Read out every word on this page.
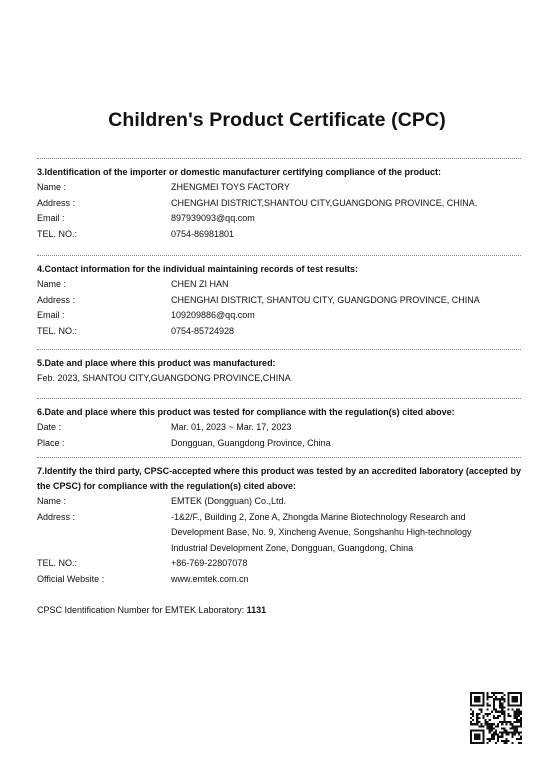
Children's Product Certificate (CPC)
3.Identification of the importer or domestic manufacturer certifying compliance of the product:
Name :	ZHENGMEI TOYS FACTORY
Address :	CHENGHAI DISTRICT,SHANTOU CITY,GUANGDONG PROVINCE, CHINA.
Email :	897939093@qq.com
TEL. NO.:	0754-86981801
4.Contact information for the individual maintaining records of test results:
Name :	CHEN ZI HAN
Address :	CHENGHAI DISTRICT, SHANTOU CITY, GUANGDONG PROVINCE, CHINA
Email :	109209886@qq.com
TEL. NO.:	0754-85724928
5.Date and place where this product was manufactured:
Feb. 2023, SHANTOU CITY,GUANGDONG PROVINCE,CHINA
6.Date and place where this product was tested for compliance with the regulation(s) cited above:
Date :	Mar. 01, 2023 ~ Mar. 17, 2023
Place :	Dongguan, Guangdong Province, China
7.Identify the third party, CPSC-accepted where this product was tested by an accredited laboratory (accepted by the CPSC) for compliance with the regulation(s) cited above:
Name :	EMTEK (Dongguan) Co.,Ltd.
Address :	-1&2/F., Building 2, Zone A, Zhongda Marine Biotechnology Research and
Development Base, No. 9, Xincheng Avenue, Songshanhu High-technology
Industrial Development Zone, Dongguan, Guangdong, China
TEL. NO.:	+86-769-22807078
Official Website :	www.emtek.com.cn
CPSC Identification Number for EMTEK Laboratory: 1131
